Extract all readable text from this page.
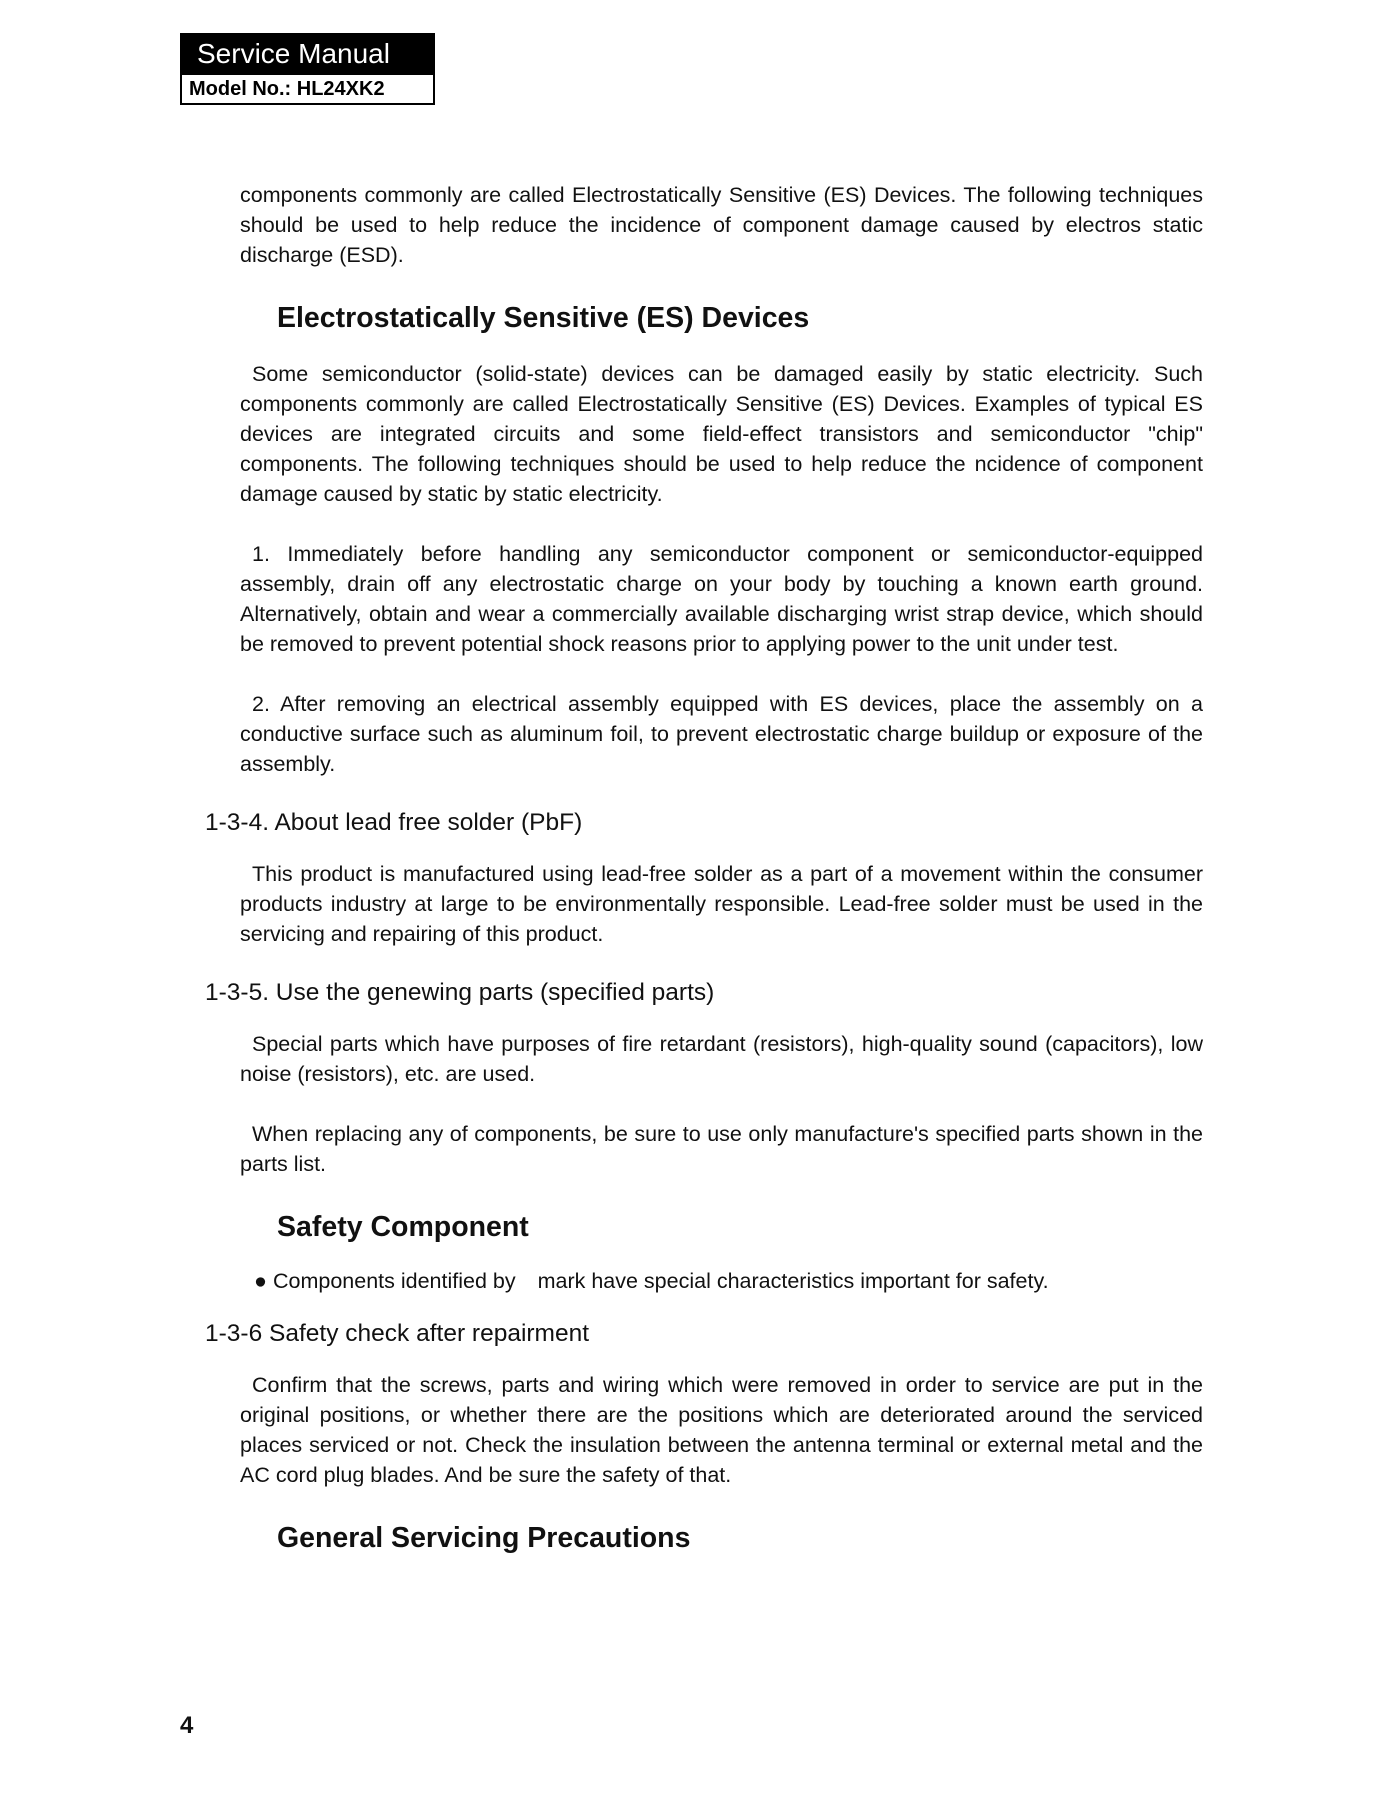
Service Manual
Model No.: HL24XK2

components commonly are called Electrostatically Sensitive (ES) Devices. The following techniques should be used to help reduce the incidence of component damage caused by electros static discharge (ESD).

Electrostatically Sensitive (ES) Devices

Some semiconductor (solid-state) devices can be damaged easily by static electricity. Such components commonly are called Electrostatically Sensitive (ES) Devices. Examples of typical ES devices are integrated circuits and some field-effect transistors and semiconductor "chip" components. The following techniques should be used to help reduce the ncidence of component damage caused by static by static electricity.

1. Immediately before handling any semiconductor component or semiconductor-equipped assembly, drain off any electrostatic charge on your body by touching a known earth ground. Alternatively, obtain and wear a commercially available discharging wrist strap device, which should be removed to prevent potential shock reasons prior to applying power to the unit under test.

2. After removing an electrical assembly equipped with ES devices, place the assembly on a conductive surface such as aluminum foil, to prevent electrostatic charge buildup or exposure of the assembly.

1-3-4. About lead free solder (PbF)

This product is manufactured using lead-free solder as a part of a movement within the consumer products industry at large to be environmentally responsible. Lead-free solder must be used in the servicing and repairing of this product.

1-3-5. Use the genewing parts (specified parts)

Special parts which have purposes of fire retardant (resistors), high-quality sound (capacitors), low noise (resistors), etc. are used.

When replacing any of components, be sure to use only manufacture's specified parts shown in the parts list.

Safety Component

● Components identified by mark have special characteristics important for safety.

1-3-6 Safety check after repairment

Confirm that the screws, parts and wiring which were removed in order to service are put in the original positions, or whether there are the positions which are deteriorated around the serviced places serviced or not. Check the insulation between the antenna terminal or external metal and the AC cord plug blades. And be sure the safety of that.

General Servicing Precautions
4
